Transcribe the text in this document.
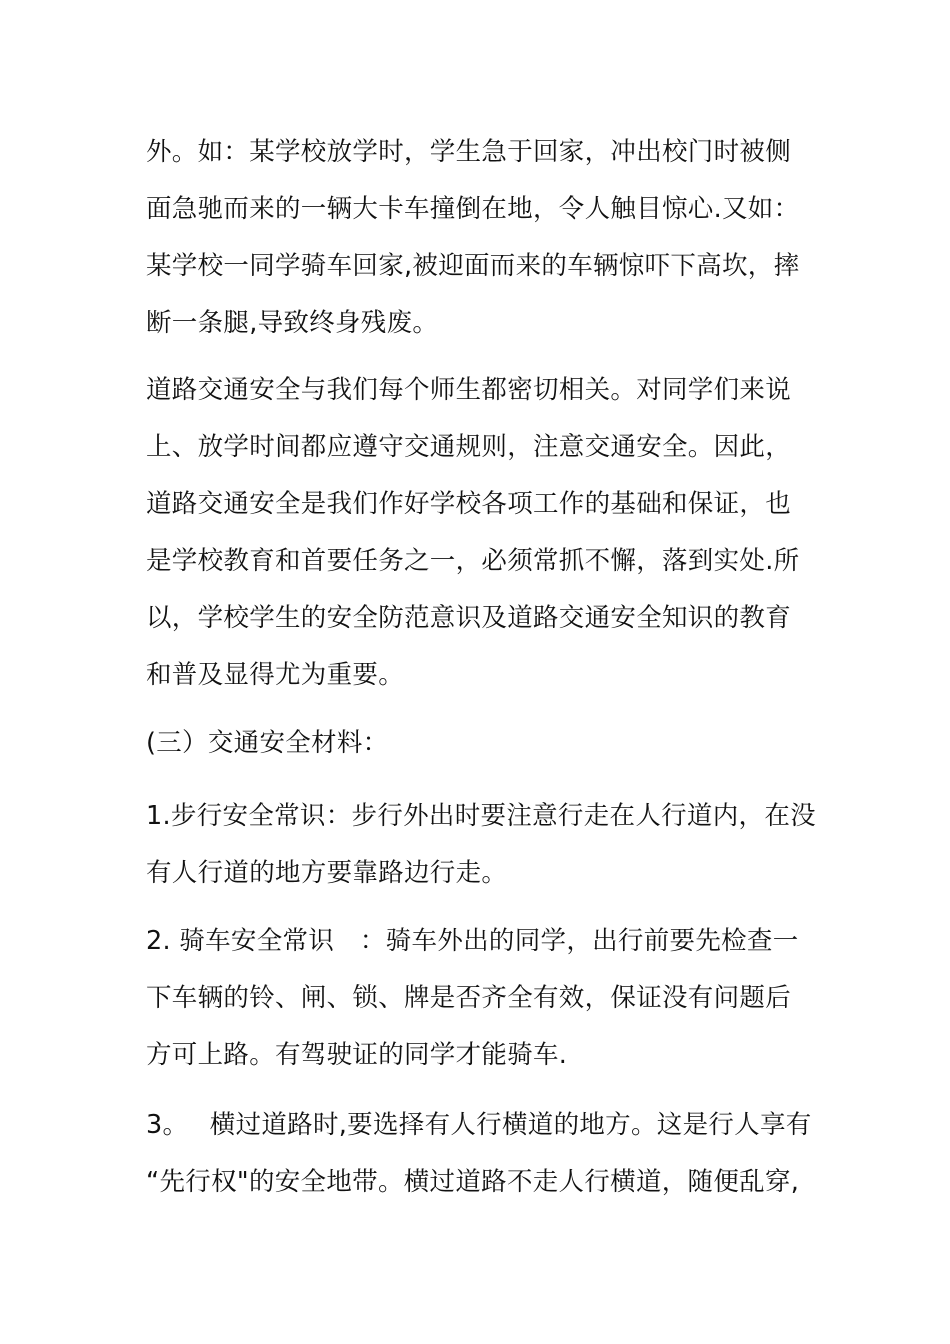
外。如：某学校放学时，学生急于回家，冲出校门时被侧
面急驰而来的一辆大卡车撞倒在地，令人触目惊心.又如：
某学校一同学骑车回家,被迎面而来的车辆惊吓下高坎，摔
断一条腿,导致终身残废。

道路交通安全与我们每个师生都密切相关。对同学们来说
上、放学时间都应遵守交通规则，注意交通安全。因此，
道路交通安全是我们作好学校各项工作的基础和保证，也
是学校教育和首要任务之一，必须常抓不懈，落到实处.所
以，学校学生的安全防范意识及道路交通安全知识的教育
和普及显得尤为重要。

(三）交通安全材料：

1.步行安全常识：步行外出时要注意行走在人行道内，在没
有人行道的地方要靠路边行走。

2. 骑车安全常识　：骑车外出的同学，出行前要先检查一
下车辆的铃、闸、锁、牌是否齐全有效，保证没有问题后
方可上路。有驾驶证的同学才能骑车.

3。　 横过道路时,要选择有人行横道的地方。这是行人享有
“先行权"的安全地带。横过道路不走人行横道，随便乱穿,
